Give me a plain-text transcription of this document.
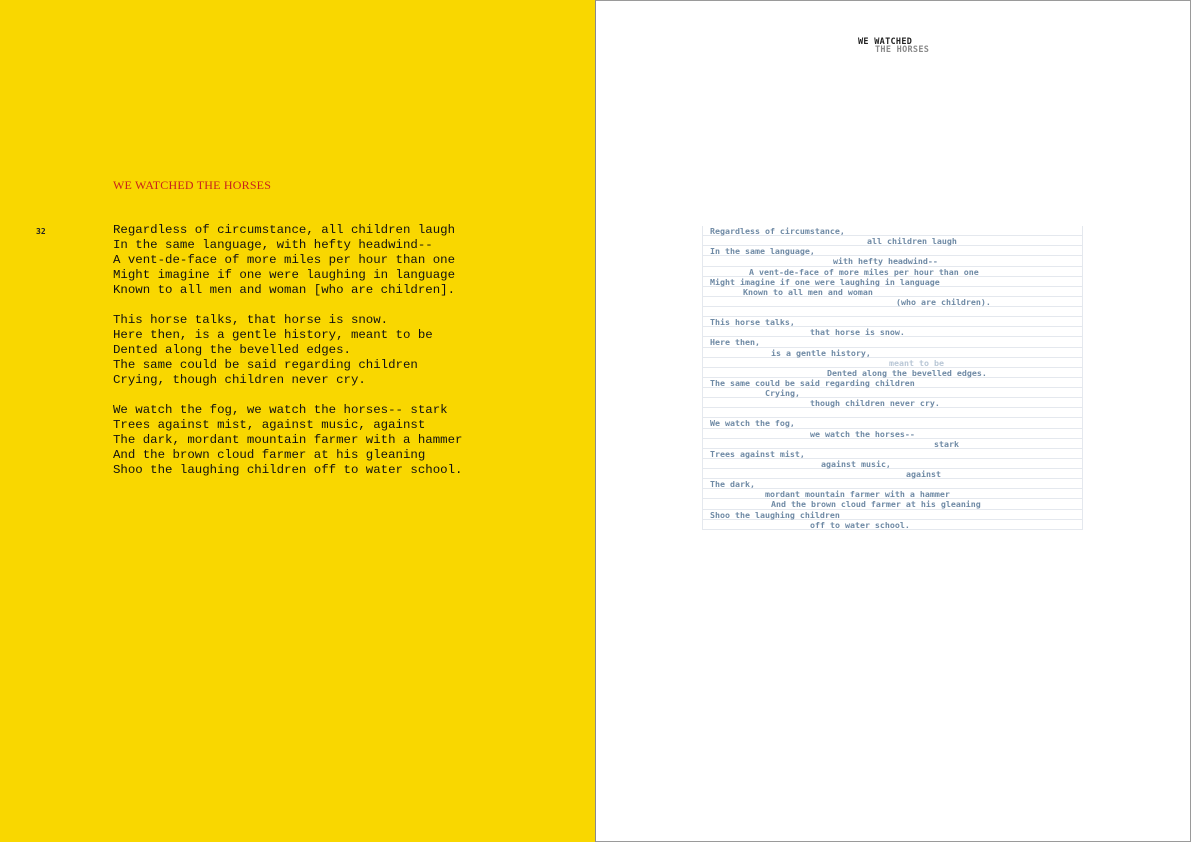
WE WATCHED THE HORSES
32	Regardless of circumstance, all children laugh
In the same language, with hefty headwind--
A vent-de-face of more miles per hour than one
Might imagine if one were laughing in language
Known to all men and woman [who are children].
This horse talks, that horse is snow.
Here then, is a gentle history, meant to be
Dented along the bevelled edges.
The same could be said regarding children
Crying, though children never cry.
We watch the fog, we watch the horses-- stark
Trees against mist, against music, against
The dark, mordant mountain farmer with a hammer
And the brown cloud farmer at his gleaning
Shoo the laughing children off to water school.
WE WATCHED
THE HORSES
Regardless of circumstance,
all children laugh
In the same language,
with hefty headwind--
A vent-de-face of more miles per hour than one
Might imagine if one were laughing in language
Known to all men and woman
(who are children).
This horse talks,
that horse is snow.
Here then,
is a gentle history,
meant to be
Dented along the bevelled edges.
The same could be said regarding children
Crying,
though children never cry.
We watch the fog,
we watch the horses--
stark
Trees against mist,
against music,
against
The dark,
mordant mountain farmer with a hammer
And the brown cloud farmer at his gleaning
Shoo the laughing children
off to water school.
